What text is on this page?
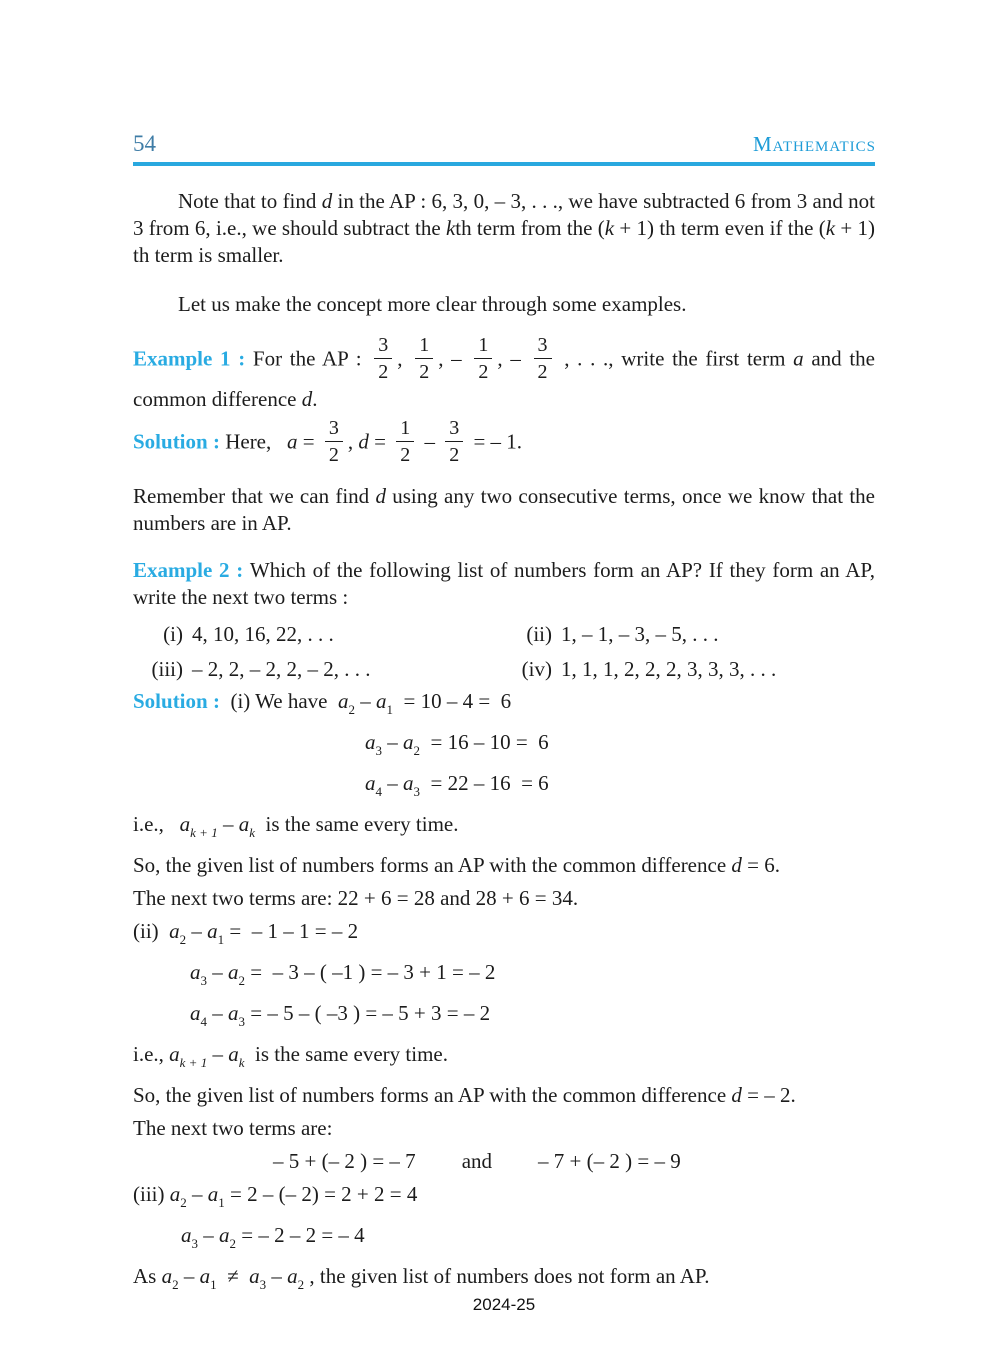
54	Mathematics

Note that to find d in the AP : 6, 3, 0, – 3, . . ., we have subtracted 6 from 3 and not 3 from 6, i.e., we should subtract the kth term from the (k + 1) th term even if the (k + 1) th term is smaller.

Let us make the concept more clear through some examples.

Example 1 : For the AP : $\frac{3}{2}$ , $\frac{1}{2}$ , – $\frac{1}{2}$ , – $\frac{3}{2}$ , . . ., write the first term a and the common difference d.

Solution : Here,   $a = \frac{3}{2}$ , $d = \frac{1}{2} - \frac{3}{2}$ = – 1.

Remember that we can find d using any two consecutive terms, once we know that the numbers are in AP.

Example 2 : Which of the following list of numbers form an AP? If they form an AP, write the next two terms :

(i) 4, 10, 16, 22, . . .	(ii) 1, – 1, – 3, – 5, . . .
(iii) – 2, 2, – 2, 2, – 2, . . .	(iv) 1, 1, 1, 2, 2, 2, 3, 3, 3, . . .

Solution :  (i) We have  $a_2 - a_1 = 10 - 4 = 6$

$a_3 - a_2 = 16 - 10 = 6$

$a_4 - a_3 = 22 - 16 = 6$

i.e.,   $a_{k + 1} - a_k$  is the same every time.

So, the given list of numbers forms an AP with the common difference d = 6.

The next two terms are: 22 + 6 = 28 and 28 + 6 = 34.

(ii)  $a_2 - a_1$ =  – 1 – 1 = – 2

$a_3 - a_2$ =  – 3 – ( –1 ) = – 3 + 1 = – 2

$a_4 - a_3$ = – 5 – ( –3 ) = – 5 + 3 = – 2

i.e., $a_{k + 1} - a_k$  is the same every time.

So, the given list of numbers forms an AP with the common difference d = – 2.

The next two terms are:

– 5 + (– 2 ) = – 7 and – 7 + (– 2 ) = – 9

(iii) $a_2 - a_1 = 2$ – (– 2) = 2 + 2 = 4

$a_3 - a_2$ = – 2 – 2 = – 4

As $a_2 - a_1 \ne a_3 - a_2$ , the given list of numbers does not form an AP.

2024-25
